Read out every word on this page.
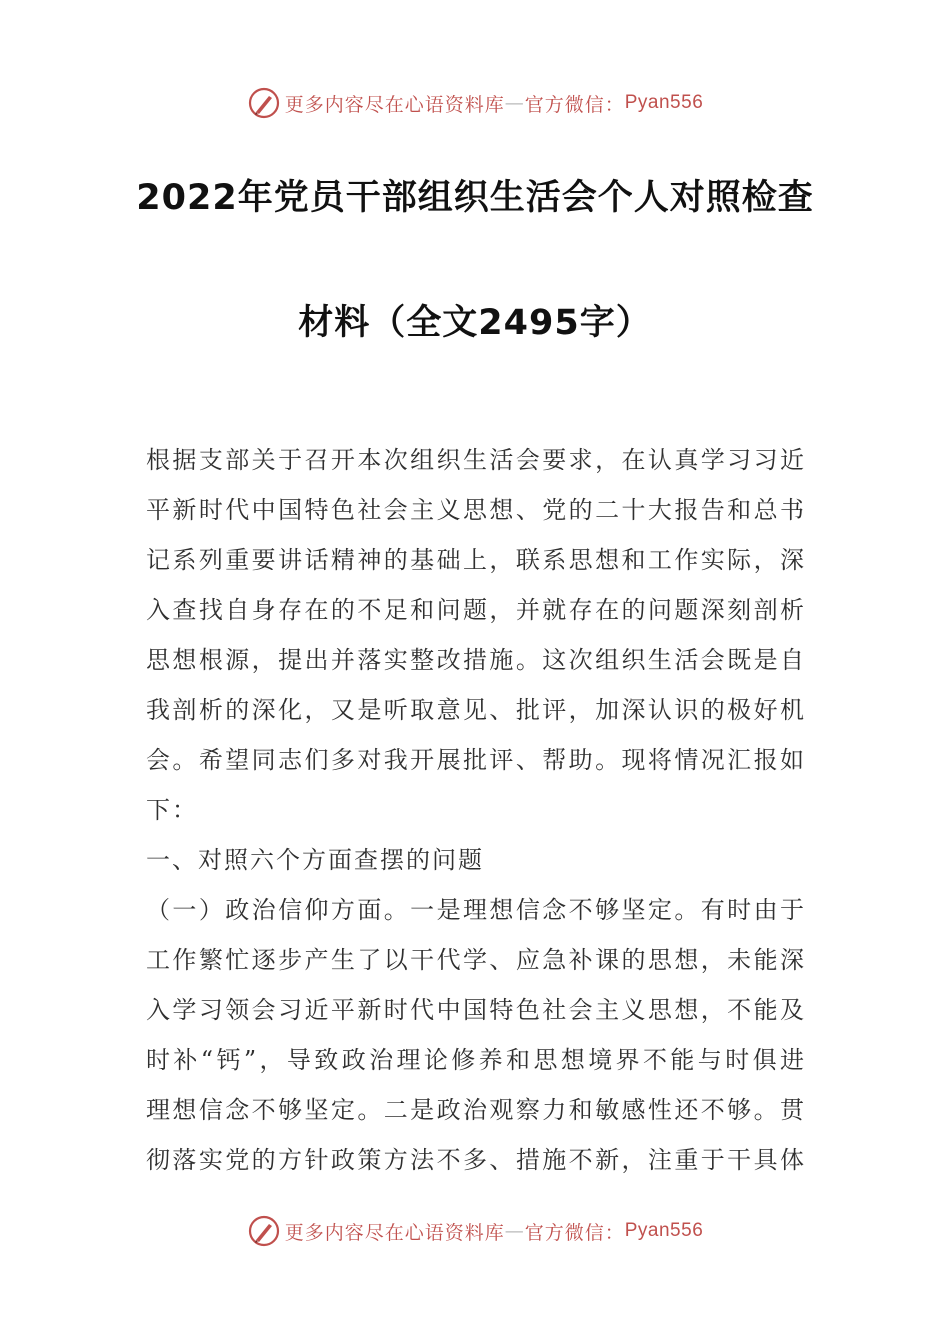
更多内容尽在心语资料库 — 官方微信： Pyan556
2022年党员干部组织生活会个人对照检查
材料（全文2495字）
根据支部关于召开本次组织生活会要求，在认真学习习近
平新时代中国特色社会主义思想、党的二十大报告和总书
记系列重要讲话精神的基础上，联系思想和工作实际，深
入查找自身存在的不足和问题，并就存在的问题深刻剖析
思想根源，提出并落实整改措施。这次组织生活会既是自
我剖析的深化，又是听取意见、批评，加深认识的极好机
会。希望同志们多对我开展批评、帮助。现将情况汇报如
下：
一、对照六个方面查摆的问题
（一）政治信仰方面。一是理想信念不够坚定。有时由于
工作繁忙逐步产生了以干代学、应急补课的思想，未能深
入学习领会习近平新时代中国特色社会主义思想，不能及
时补“钙”，导致政治理论修养和思想境界不能与时俱进
理想信念不够坚定。二是政治观察力和敏感性还不够。贯
彻落实党的方针政策方法不多、措施不新，注重于干具体
更多内容尽在心语资料库 — 官方微信： Pyan556
